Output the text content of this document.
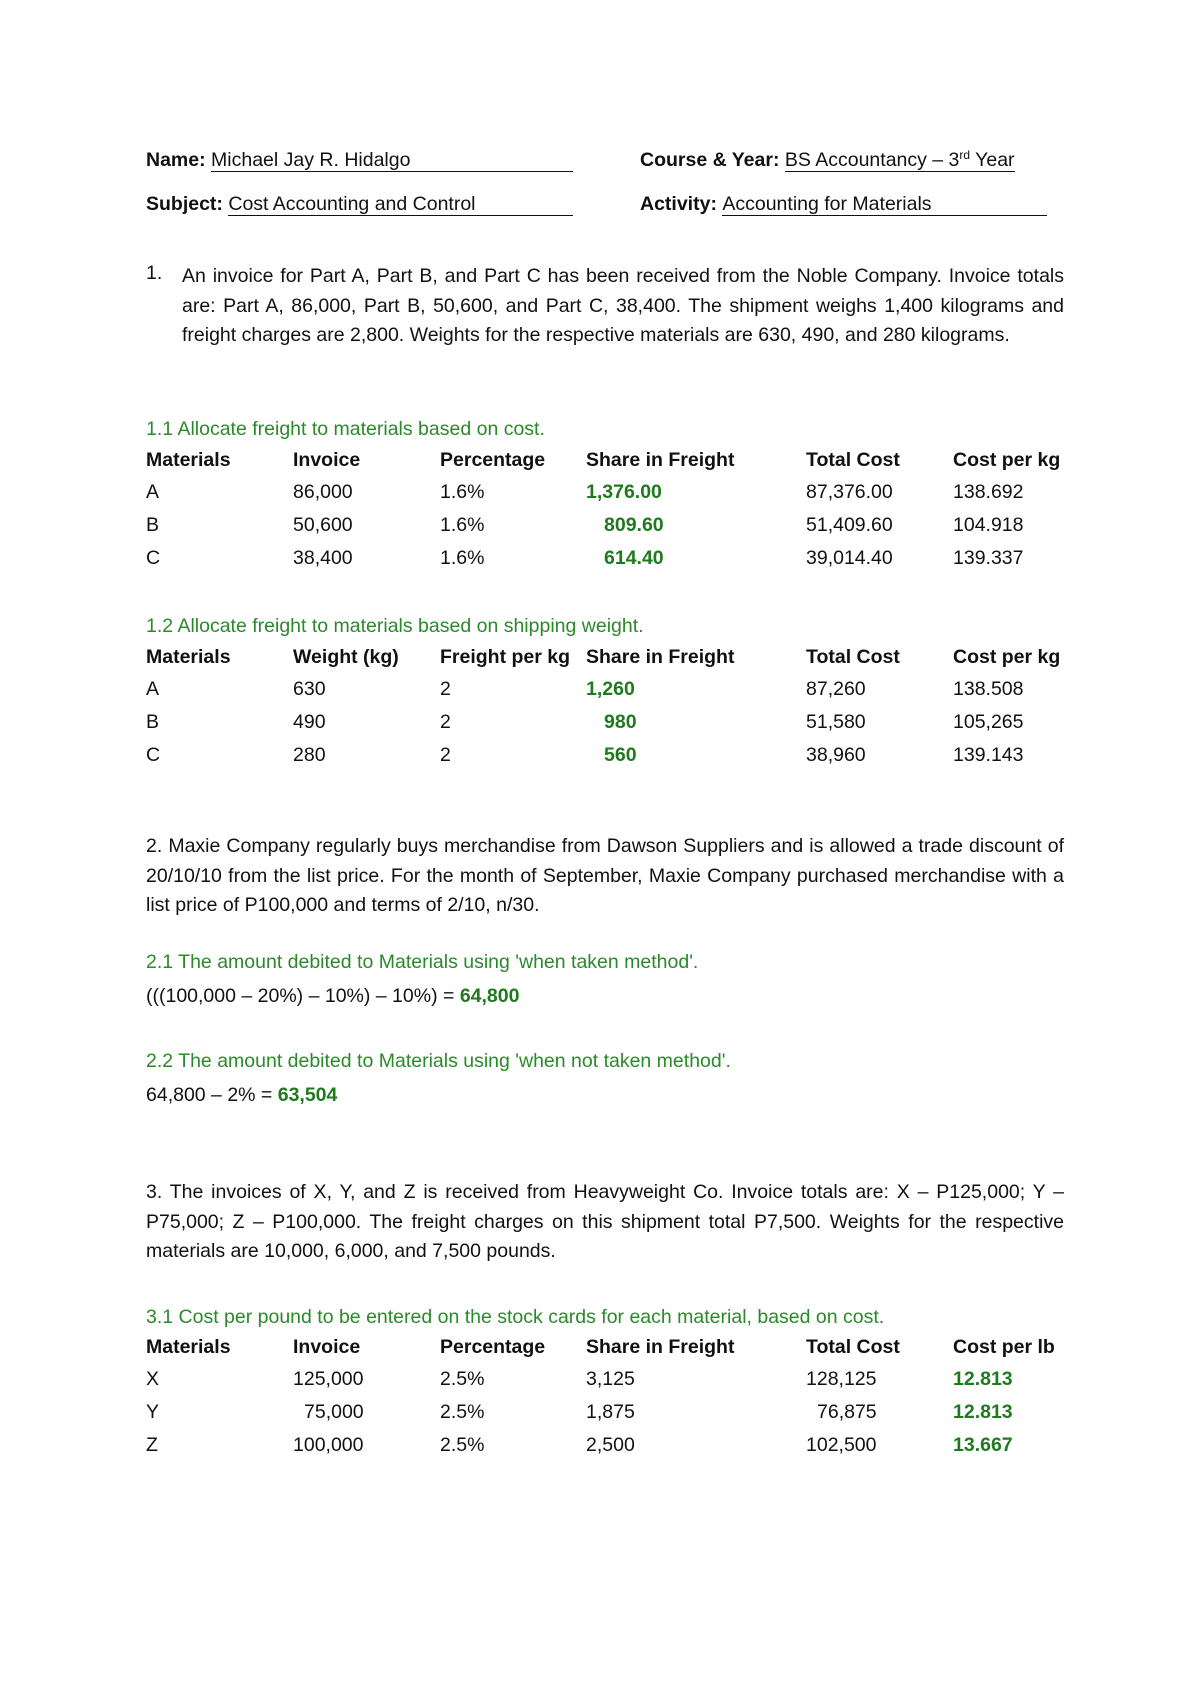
Name: Michael Jay R. Hidalgo	Course & Year: BS Accountancy – 3rd Year
Subject: Cost Accounting and Control	Activity: Accounting for Materials
1. An invoice for Part A, Part B, and Part C has been received from the Noble Company. Invoice totals are: Part A, 86,000, Part B, 50,600, and Part C, 38,400. The shipment weighs 1,400 kilograms and freight charges are 2,800. Weights for the respective materials are 630, 490, and 280 kilograms.

1.1 Allocate freight to materials based on cost.
Materials	Invoice	Percentage	Share in Freight	Total Cost	Cost per kg
A	86,000	1.6%	1,376.00	87,376.00	138.692
B	50,600	1.6%	809.60	51,409.60	104.918
C	38,400	1.6%	614.40	39,014.40	139.337
1.2 Allocate freight to materials based on shipping weight.
Materials	Weight (kg)	Freight per kg	Share in Freight	Total Cost	Cost per kg
A	630	2	1,260	87,260	138.508
B	490	2	980	51,580	105,265
C	280	2	560	38,960	139.143

2. Maxie Company regularly buys merchandise from Dawson Suppliers and is allowed a trade discount of 20/10/10 from the list price. For the month of September, Maxie Company purchased merchandise with a list price of P100,000 and terms of 2/10, n/30.

2.1 The amount debited to Materials using 'when taken method'.
(((100,000 – 20%) – 10%) – 10%) = 64,800
2.2 The amount debited to Materials using 'when not taken method'.
64,800 – 2% = 63,504

3. The invoices of X, Y, and Z is received from Heavyweight Co. Invoice totals are: X – P125,000; Y – P75,000; Z – P100,000. The freight charges on this shipment total P7,500. Weights for the respective materials are 10,000, 6,000, and 7,500 pounds.

3.1 Cost per pound to be entered on the stock cards for each material, based on cost.
Materials	Invoice	Percentage	Share in Freight	Total Cost	Cost per lb
X	125,000	2.5%	3,125	128,125	12.813
Y	75,000	2.5%	1,875	76,875	12.813
Z	100,000	2.5%	2,500	102,500	13.667
